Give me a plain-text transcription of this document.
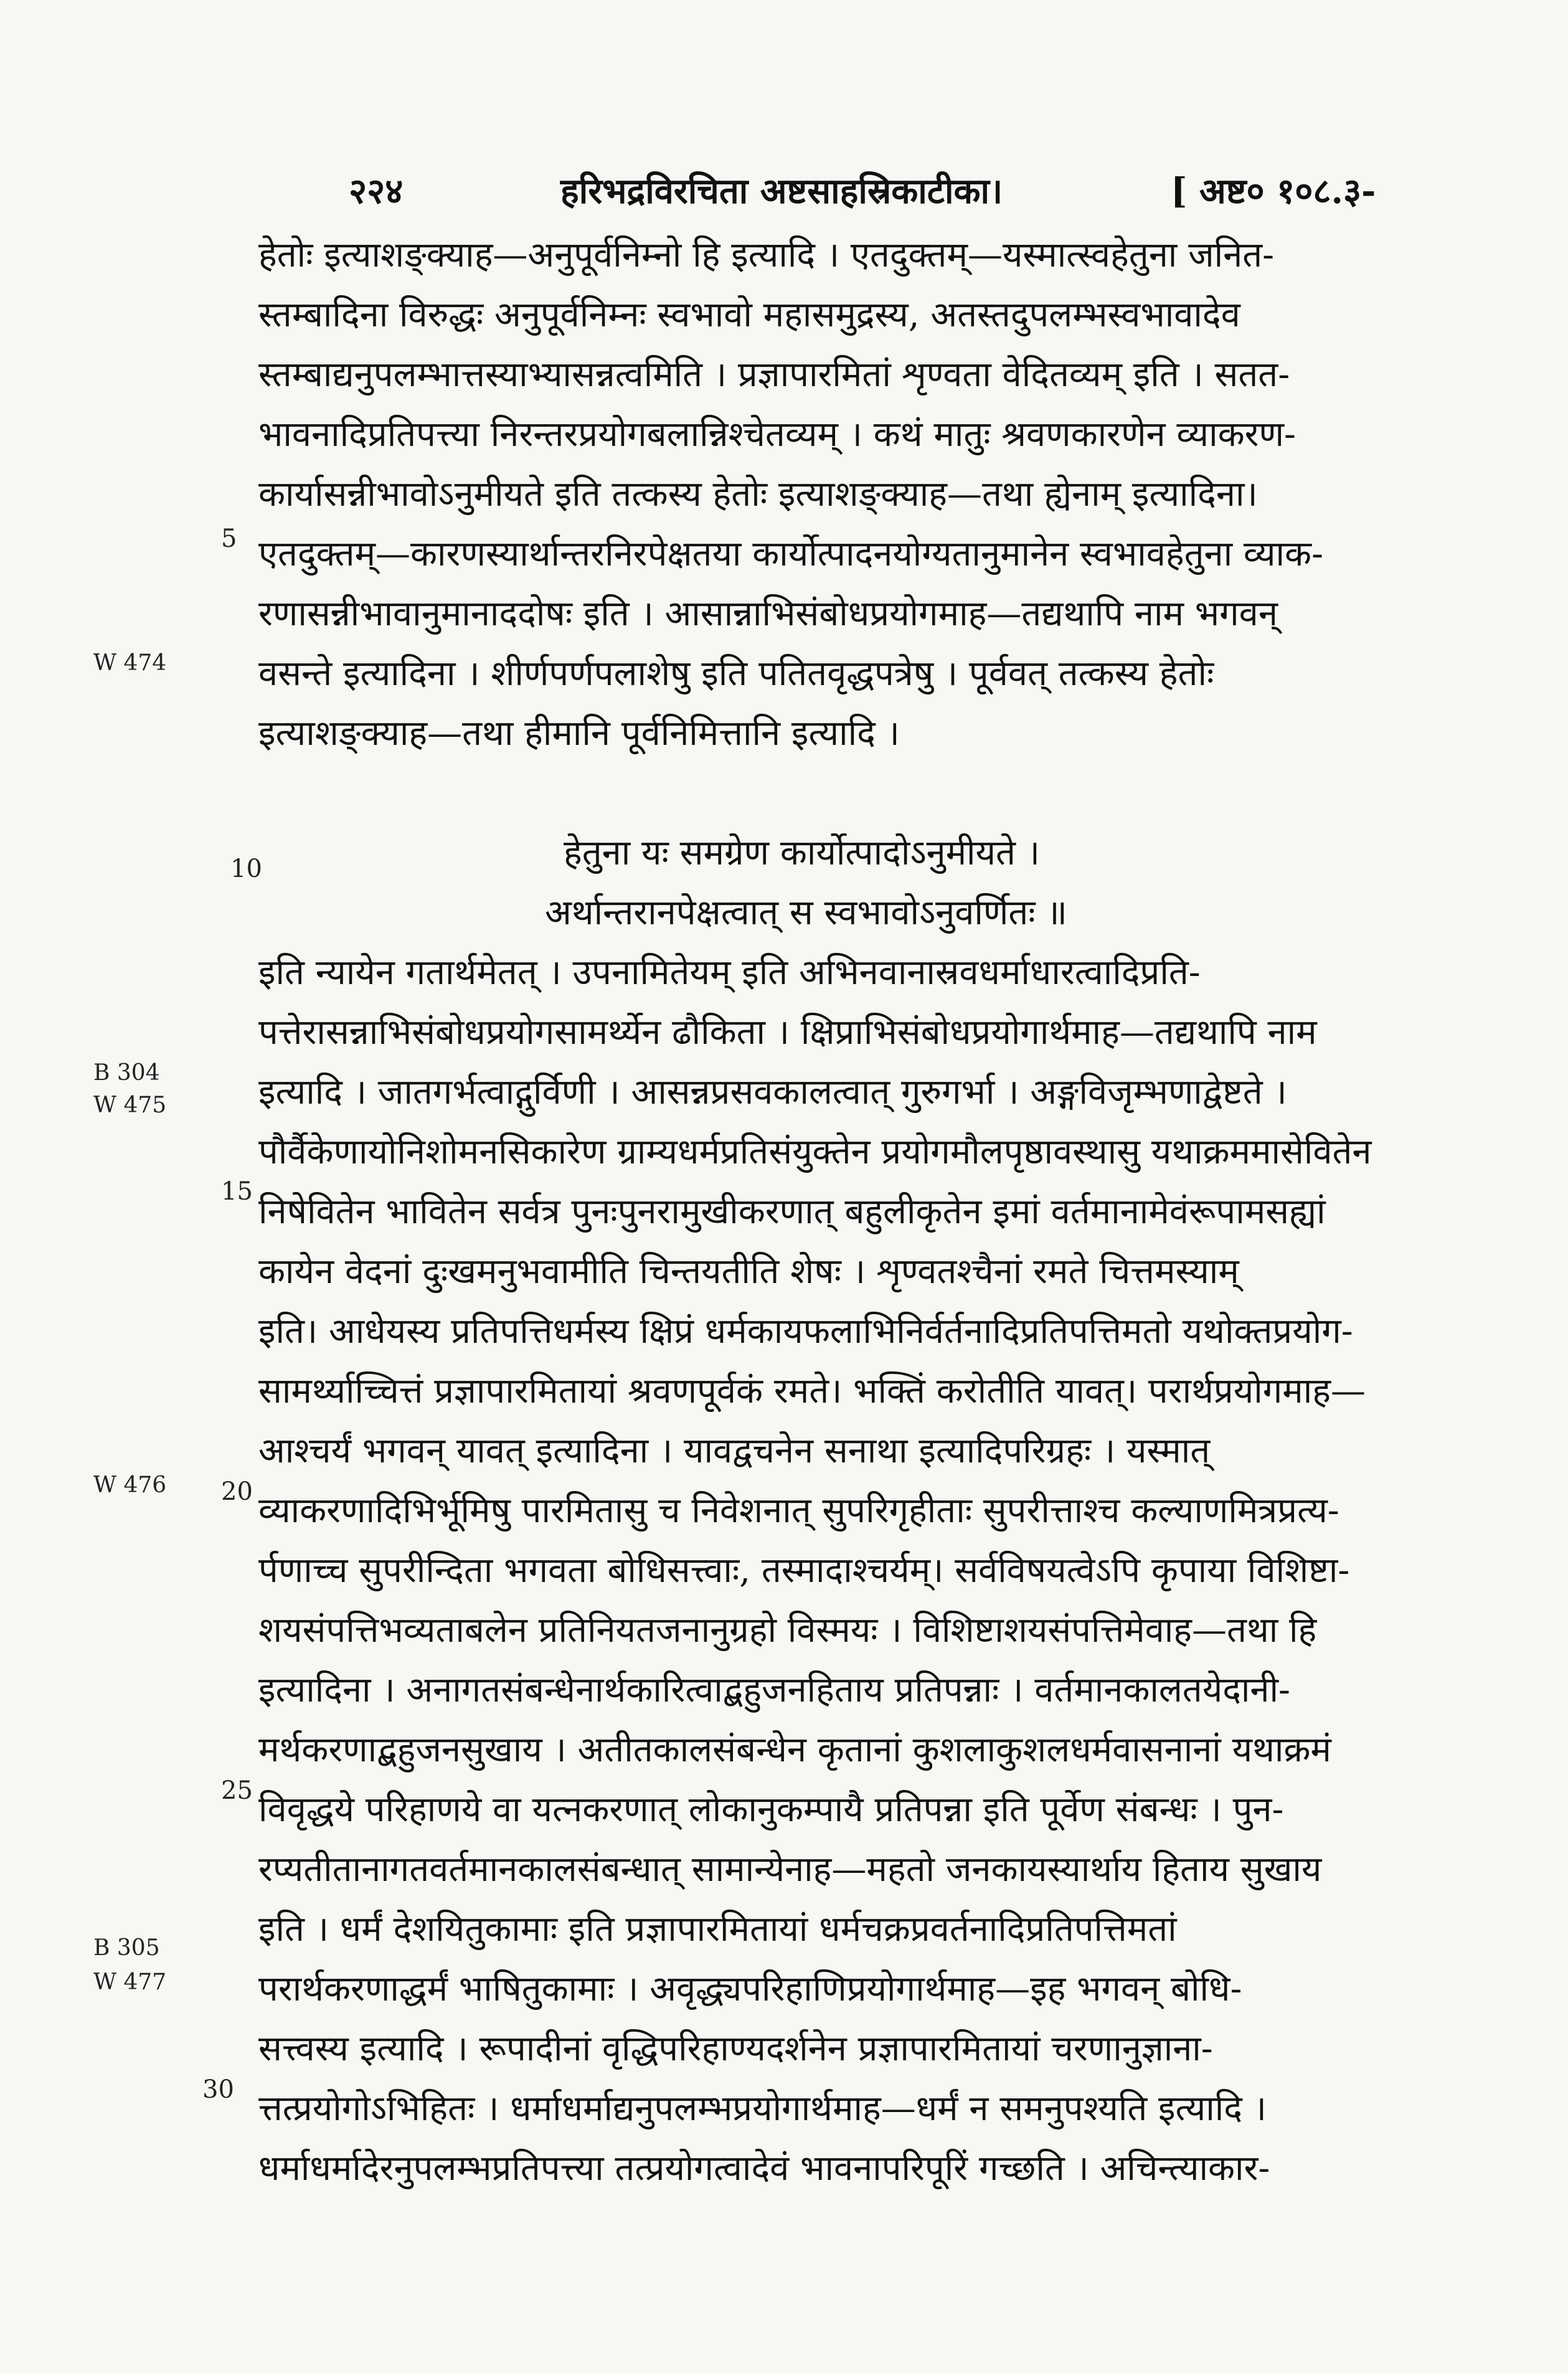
२२४	हरिभद्रविरचिता अष्टसाहस्रिकाटीका।	[ अष्ट० १०८.३-
हेतोः इत्याशङ्क्याह—अनुपूर्वनिम्नो हि इत्यादि । एतदुक्तम्—यस्मात्स्वहेतुना जनित-
स्तम्बादिना विरुद्धः अनुपूर्वनिम्नः स्वभावो महासमुद्रस्य, अतस्तदुपलम्भस्वभावादेव
स्तम्बाद्यनुपलम्भात्तस्याभ्यासन्नत्वमिति । प्रज्ञापारमितां शृण्वता वेदितव्यम् इति । सतत-
भावनादिप्रतिपत्त्या निरन्तरप्रयोगबलान्निश्चेतव्यम् । कथं मातुः श्रवणकारणेन व्याकरण-
कार्यासन्नीभावोऽनुमीयते इति तत्कस्य हेतोः इत्याशङ्क्याह—तथा ह्येनाम् इत्यादिना।
एतदुक्तम्—कारणस्यार्थान्तरनिरपेक्षतया कार्योत्पादनयोग्यतानुमानेन स्वभावहेतुना व्याक-
रणासन्नीभावानुमानाददोषः इति । आसान्नाभिसंबोधप्रयोगमाह—तद्यथापि नाम भगवन्
वसन्ते इत्यादिना । शीर्णपर्णपलाशेषु इति पतितवृद्धपत्रेषु । पूर्ववत् तत्कस्य हेतोः
इत्याशङ्क्याह—तथा हीमानि पूर्वनिमित्तानि इत्यादि ।
हेतुना यः समग्रेण कार्योत्पादोऽनुमीयते ।
अर्थान्तरानपेक्षत्वात् स स्वभावोऽनुवर्णितः ॥
इति न्यायेन गतार्थमेतत् । उपनामितेयम् इति अभिनवानास्रवधर्माधारत्वादिप्रति-
पत्तेरासन्नाभिसंबोधप्रयोगसामर्थ्येन ढौकिता । क्षिप्राभिसंबोधप्रयोगार्थमाह—तद्यथापि नाम
इत्यादि । जातगर्भत्वाद्गुर्विणी । आसन्नप्रसवकालत्वात् गुरुगर्भा । अङ्गविजृम्भणाद्वेष्टते ।
पौर्वैकेणायोनिशोमनसिकारेण ग्राम्यधर्मप्रतिसंयुक्तेन प्रयोगमौलपृष्ठावस्थासु यथाक्रममासेवितेन
निषेवितेन भावितेन सर्वत्र पुनःपुनरामुखीकरणात् बहुलीकृतेन इमां वर्तमानामेवंरूपामसह्यां
कायेन वेदनां दुःखमनुभवामीति चिन्तयतीति शेषः । शृण्वतश्चैनां रमते चित्तमस्याम्
इति। आधेयस्य प्रतिपत्तिधर्मस्य क्षिप्रं धर्मकायफलाभिनिर्वर्तनादिप्रतिपत्तिमतो यथोक्तप्रयोग-
सामर्थ्याच्चित्तं प्रज्ञापारमितायां श्रवणपूर्वकं रमते। भक्तिं करोतीति यावत्। परार्थप्रयोगमाह—
आश्चर्यं भगवन् यावत् इत्यादिना । यावद्वचनेन सनाथा इत्यादिपरिग्रहः । यस्मात्
व्याकरणादिभिर्भूमिषु पारमितासु च निवेशनात् सुपरिगृहीताः सुपरीत्ताश्च कल्याणमित्रप्रत्य-
र्पणाच्च सुपरीन्दिता भगवता बोधिसत्त्वाः, तस्मादाश्चर्यम्। सर्वविषयत्वेऽपि कृपाया विशिष्टा-
शयसंपत्तिभव्यताबलेन प्रतिनियतजनानुग्रहो विस्मयः । विशिष्टाशयसंपत्तिमेवाह—तथा हि
इत्यादिना । अनागतसंबन्धेनार्थकारित्वाद्बहुजनहिताय प्रतिपन्नाः । वर्तमानकालतयेदानी-
मर्थकरणाद्बहुजनसुखाय । अतीतकालसंबन्धेन कृतानां कुशलाकुशलधर्मवासनानां यथाक्रमं
विवृद्धये परिहाणये वा यत्नकरणात् लोकानुकम्पायै प्रतिपन्ना इति पूर्वेण संबन्धः । पुन-
रप्यतीतानागतवर्तमानकालसंबन्धात् सामान्येनाह—महतो जनकायस्यार्थाय हिताय सुखाय
इति । धर्मं देशयितुकामाः इति प्रज्ञापारमितायां धर्मचक्रप्रवर्तनादिप्रतिपत्तिमतां
परार्थकरणाद्धर्मं भाषितुकामाः । अवृद्ध्यपरिहाणिप्रयोगार्थमाह—इह भगवन् बोधि-
सत्त्वस्य इत्यादि । रूपादीनां वृद्धिपरिहाण्यदर्शनेन प्रज्ञापारमितायां चरणानुज्ञाना-
त्तत्प्रयोगोऽभिहितः । धर्माधर्माद्यनुपलम्भप्रयोगार्थमाह—धर्मं न समनुपश्यति इत्यादि ।
धर्माधर्मादेरनुपलम्भप्रतिपत्त्या तत्प्रयोगत्वादेवं भावनापरिपूरिं गच्छति । अचिन्त्याकार-
5
10
15
20
25
30
W 474
B 304
W 475
W 476
B 305
W 477
